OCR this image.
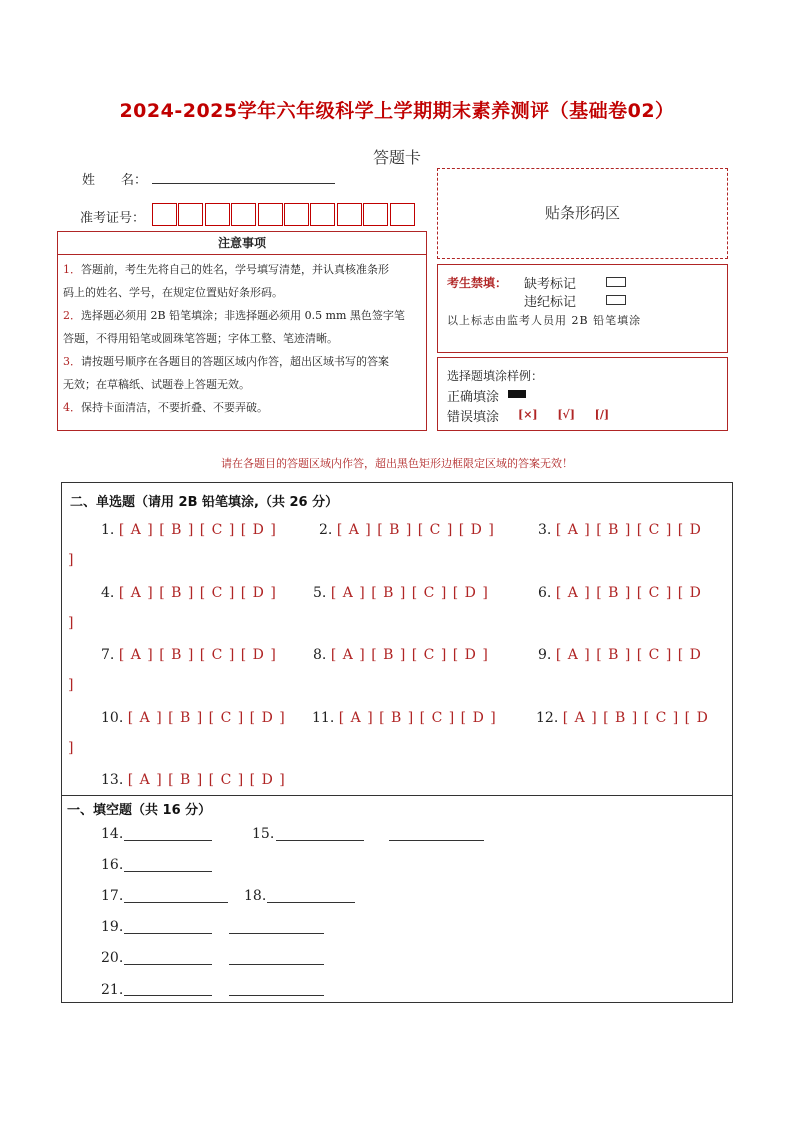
2024-2025学年六年级科学上学期期末素养测评（基础卷02）
答题卡
姓　　名：
准考证号：	贴条形码区
注意事项
1．答题前，考生先将自己的姓名，学号填写清楚，并认真核准条形
码上的姓名、学号，在规定位置贴好条形码。
2．选择题必须用 2B 铅笔填涂；非选择题必须用 0.5 mm 黑色签字笔
答题，不得用铅笔或圆珠笔答题；字体工整、笔迹清晰。
3．请按题号顺序在各题目的答题区域内作答，超出区域书写的答案
无效；在草稿纸、试题卷上答题无效。
4．保持卡面清洁，不要折叠、不要弄破。
考生禁填： 缺考标记
违纪标记
以上标志由监考人员用 2B 铅笔填涂
选择题填涂样例：
正确填涂
错误填涂 [×] [√] [/]
请在各题目的答题区域内作答，超出黑色矩形边框限定区域的答案无效！
二、单选题（请用 2B 铅笔填涂,（共 26 分）
1. [ A ] [ B ] [ C ] [ D ]	2. [ A ] [ B ] [ C ] [ D ]	3. [ A ] [ B ] [ C ] [ D
]
4. [ A ] [ B ] [ C ] [ D ]	5. [ A ] [ B ] [ C ] [ D ]	6. [ A ] [ B ] [ C ] [ D
]
7. [ A ] [ B ] [ C ] [ D ]	8. [ A ] [ B ] [ C ] [ D ]	9. [ A ] [ B ] [ C ] [ D
]
10. [ A ] [ B ] [ C ] [ D ] 11. [ A ] [ B ] [ C ] [ D ]	12. [ A ] [ B ] [ C ] [ D
]
13. [ A ] [ B ] [ C ] [ D ]
一、填空题（共 16 分）
14.	15.
16.
17.	18.
19.
20.
21.
